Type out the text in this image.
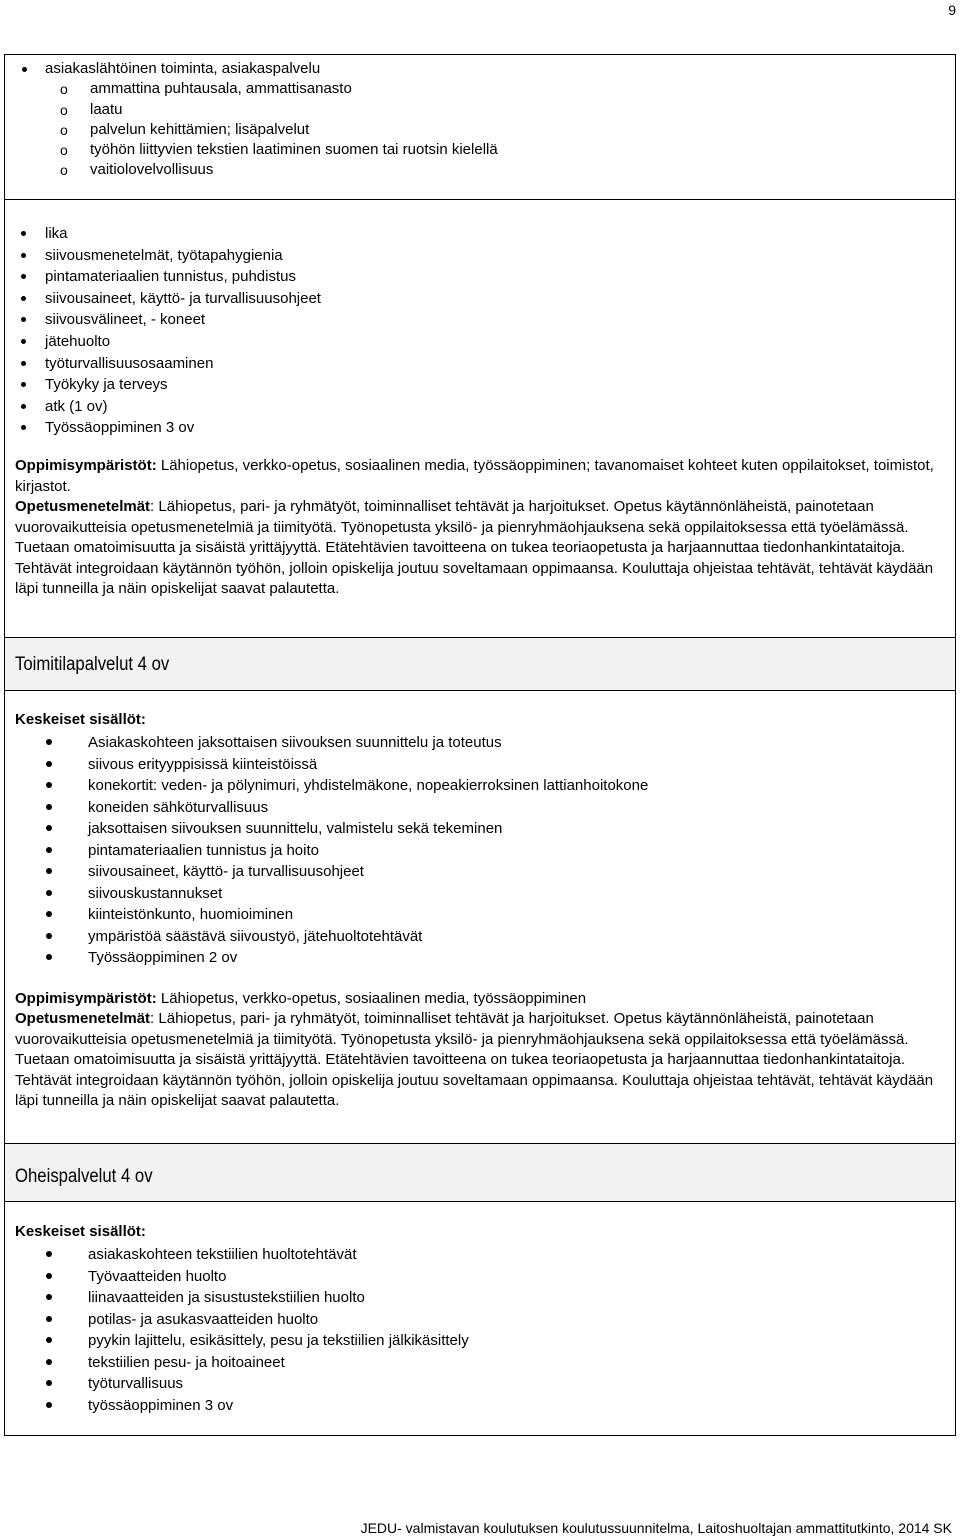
9
asiakaslähtöinen toiminta, asiakaspalvelu
o ammattina puhtausala, ammattisanasto
o laatu
o palvelun kehittämien; lisäpalvelut
o työhön liittyvien tekstien laatiminen suomen tai ruotsin kielellä
o vaitiolovelvollisuus
lika
siivousmenetelmät, työtapahygienia
pintamateriaalien tunnistus, puhdistus
siivousaineet, käyttö- ja turvallisuusohjeet
siivousvälineet, - koneet
jätehuolto
työturvallisuusosaaminen
Työkyky ja terveys
atk (1 ov)
Työssäoppiminen 3 ov
Oppimisympäristöt: Lähiopetus, verkko-opetus, sosiaalinen media, työssäoppiminen; tavanomaiset kohteet kuten oppilaitokset, toimistot, kirjastot.
Opetusmenetelmät: Lähiopetus, pari- ja ryhmätyöt, toiminnalliset tehtävät ja harjoitukset. Opetus käytännönläheistä, painotetaan vuorovaikutteisia opetusmenetelmiä ja tiimityötä. Työnopetusta yksilö- ja pienryhmäohjauksena sekä oppilaitoksessa että työelämässä. Tuetaan omatoimisuutta ja sisäistä yrittäjyyttä. Etätehtävien tavoitteena on tukea teoriaopetusta ja harjaannuttaa tiedonhankintataitoja. Tehtävät integroidaan käytännön työhön, jolloin opiskelija joutuu soveltamaan oppimaansa. Kouluttaja ohjeistaa tehtävät, tehtävät käydään läpi tunneilla ja näin opiskelijat saavat palautetta.
Toimitilapalvelut 4 ov
Keskeiset sisällöt:
Asiakaskohteen jaksottaisen siivouksen suunnittelu ja toteutus
siivous erityyppisissä kiinteistöissä
konekortit: veden- ja pölynimuri, yhdistelmäkone, nopeakierroksinen lattianhoitokone
koneiden sähköturvallisuus
jaksottaisen siivouksen suunnittelu, valmistelu sekä tekeminen
pintamateriaalien tunnistus ja hoito
siivousaineet, käyttö- ja turvallisuusohjeet
siivouskustannukset
kiinteistönkunto, huomioiminen
ympäristöä säästävä siivoustyö, jätehuoltotehtävät
Työssäoppiminen 2 ov
Oppimisympäristöt: Lähiopetus, verkko-opetus, sosiaalinen media, työssäoppiminen
Opetusmenetelmät: Lähiopetus, pari- ja ryhmätyöt, toiminnalliset tehtävät ja harjoitukset. Opetus käytännönläheistä, painotetaan vuorovaikutteisia opetusmenetelmiä ja tiimityötä. Työnopetusta yksilö- ja pienryhmäohjauksena sekä oppilaitoksessa että työelämässä. Tuetaan omatoimisuutta ja sisäistä yrittäjyyttä. Etätehtävien tavoitteena on tukea teoriaopetusta ja harjaannuttaa tiedonhankintataitoja. Tehtävät integroidaan käytännön työhön, jolloin opiskelija joutuu soveltamaan oppimaansa. Kouluttaja ohjeistaa tehtävät, tehtävät käydään läpi tunneilla ja näin opiskelijat saavat palautetta.
Oheispalvelut 4 ov
Keskeiset sisällöt:
asiakaskohteen tekstiilien huoltotehtävät
Työvaatteiden huolto
liinavaatteiden ja sisustustekstiilien huolto
potilas- ja asukasvaatteiden huolto
pyykin lajittelu, esikäsittely, pesu ja tekstiilien jälkikäsittely
tekstiilien pesu- ja hoitoaineet
työturvallisuus
työssäoppiminen 3 ov
JEDU- valmistavan koulutuksen koulutussuunnitelma, Laitoshuoltajan ammattitutkinto, 2014 SK
